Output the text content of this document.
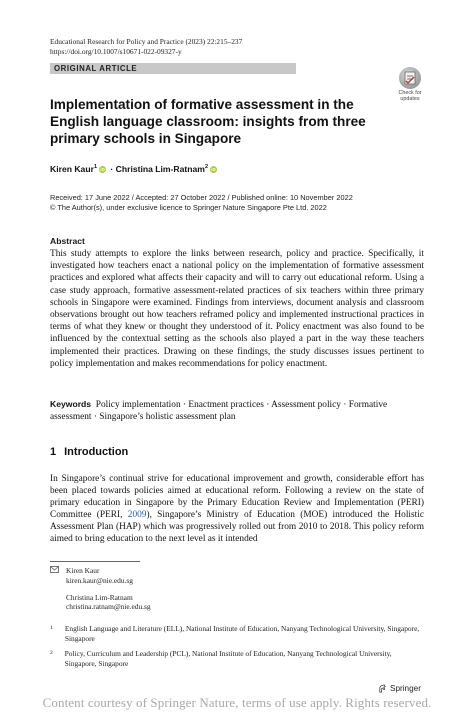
Educational Research for Policy and Practice (2023) 22:215–237
https://doi.org/10.1007/s10671-022-09327-y
ORIGINAL ARTICLE
Check for
updates
Implementation of formative assessment in the English language classroom: insights from three primary schools in Singapore
Kiren Kaur$^1$ iD · Christina Lim-Ratnam$^2$ iD
Received: 17 June 2022 / Accepted: 27 October 2022 / Published online: 10 November 2022
© The Author(s), under exclusive licence to Springer Nature Singapore Pte Ltd. 2022
Abstract

This study attempts to explore the links between research, policy and practice. Specifically, it investigated how teachers enact a national policy on the implementation of formative assessment practices and explored what affects their capacity and will to carry out educational reform. Using a case study approach, formative assessment-related practices of six teachers within three primary schools in Singapore were examined. Findings from interviews, document analysis and classroom observations brought out how teachers reframed policy and implemented instructional practices in terms of what they knew or thought they understood of it. Policy enactment was also found to be influenced by the contextual setting as the schools also played a part in the way these teachers implemented their practices. Drawing on these findings, the study discusses issues pertinent to policy implementation and makes recommendations for policy enactment.

Keywords Policy implementation · Enactment practices · Assessment policy · Formative assessment · Singapore’s holistic assessment plan
1 Introduction

In Singapore’s continual strive for educational improvement and growth, considerable effort has been placed towards policies aimed at educational reform. Following a review on the state of primary education in Singapore by the Primary Education Review and Implementation (PERI) Committee (PERI, 2009), Singapore’s Ministry of Education (MOE) introduced the Holistic Assessment Plan (HAP) which was progressively rolled out from 2010 to 2018. This policy reform aimed to bring education to the next level as it intended

Kiren Kaur
kiren.kaur@nie.edu.sg
Christina Lim-Ratnam
christina.ratnam@nie.edu.sg
1	English Language and Literature (ELL), National Institute of Education, Nanyang Technological University, Singapore, Singapore
2	Policy, Curriculum and Leadership (PCL), National Institute of Education, Nanyang Technological University, Singapore, Singapore
Springer
Content courtesy of Springer Nature, terms of use apply. Rights reserved.
